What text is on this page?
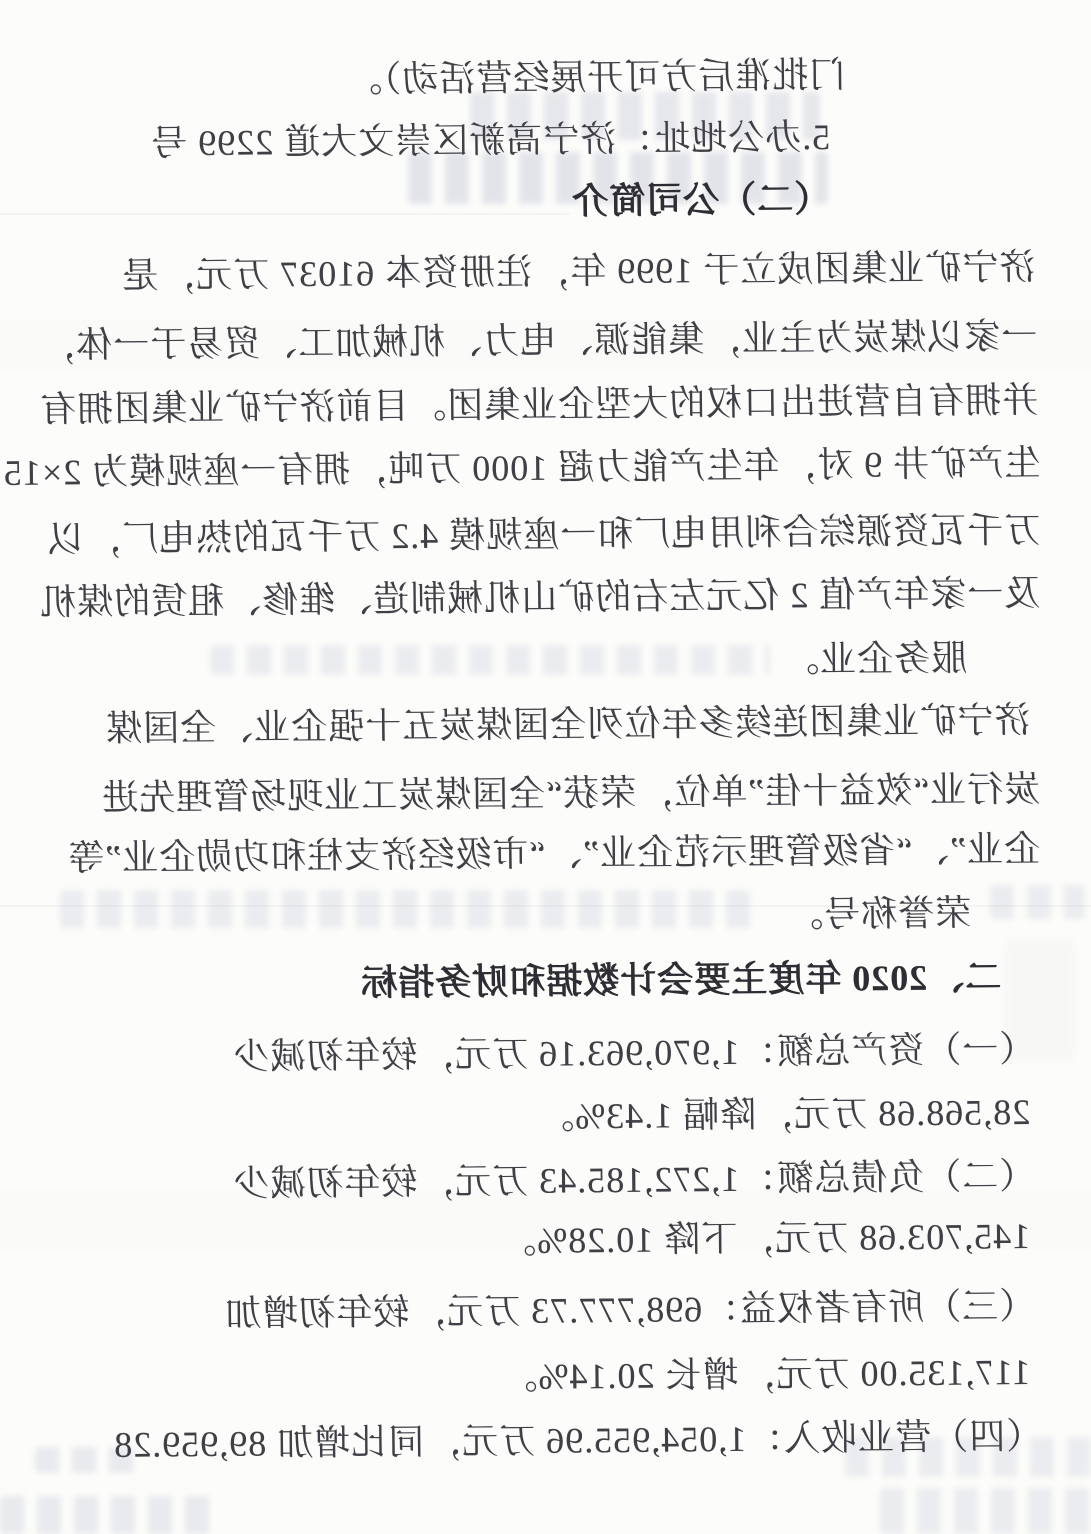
门批准后方可开展经营活动）。
5.办公地址：济宁高新区崇文大道 2299 号
（二）公司简介
济宁矿业集团成立于 1999 年，注册资本 61037 万元，是
一家以煤炭为主业，集能源、电力、机械加工、贸易于一体，
并拥有自营进出口权的大型企业集团。目前济宁矿业集团拥有
生产矿井 9 对，年生产能力超 1000 万吨，拥有一座规模为 2×15
万千瓦资源综合利用电厂和一座规模 4.2 万千瓦的热电厂，以
及一家年产值 2 亿元左右的矿山机械制造、维修、租赁的煤机
服务企业。
济宁矿业集团连续多年位列全国煤炭五十强企业、全国煤
炭行业“效益十佳”单位，荣获“全国煤炭工业现场管理先进
企业”、“省级管理示范企业”、“市级经济支柱和功勋企业”等
荣誉称号。
二、2020 年度主要会计数据和财务指标
（一）资产总额：1,970,963.16 万元，较年初减少
28,568.68 万元，降幅 1.43%。
（二）负债总额：1,272,185.43 万元，较年初减少
145,703.68 万元，下降 10.28%。
（三）所有者权益：698,777.73 万元，较年初增加
117,135.00 万元，增长 20.14%。
（四）营业收入：1,054,955.96 万元，同比增加 89,959.28
